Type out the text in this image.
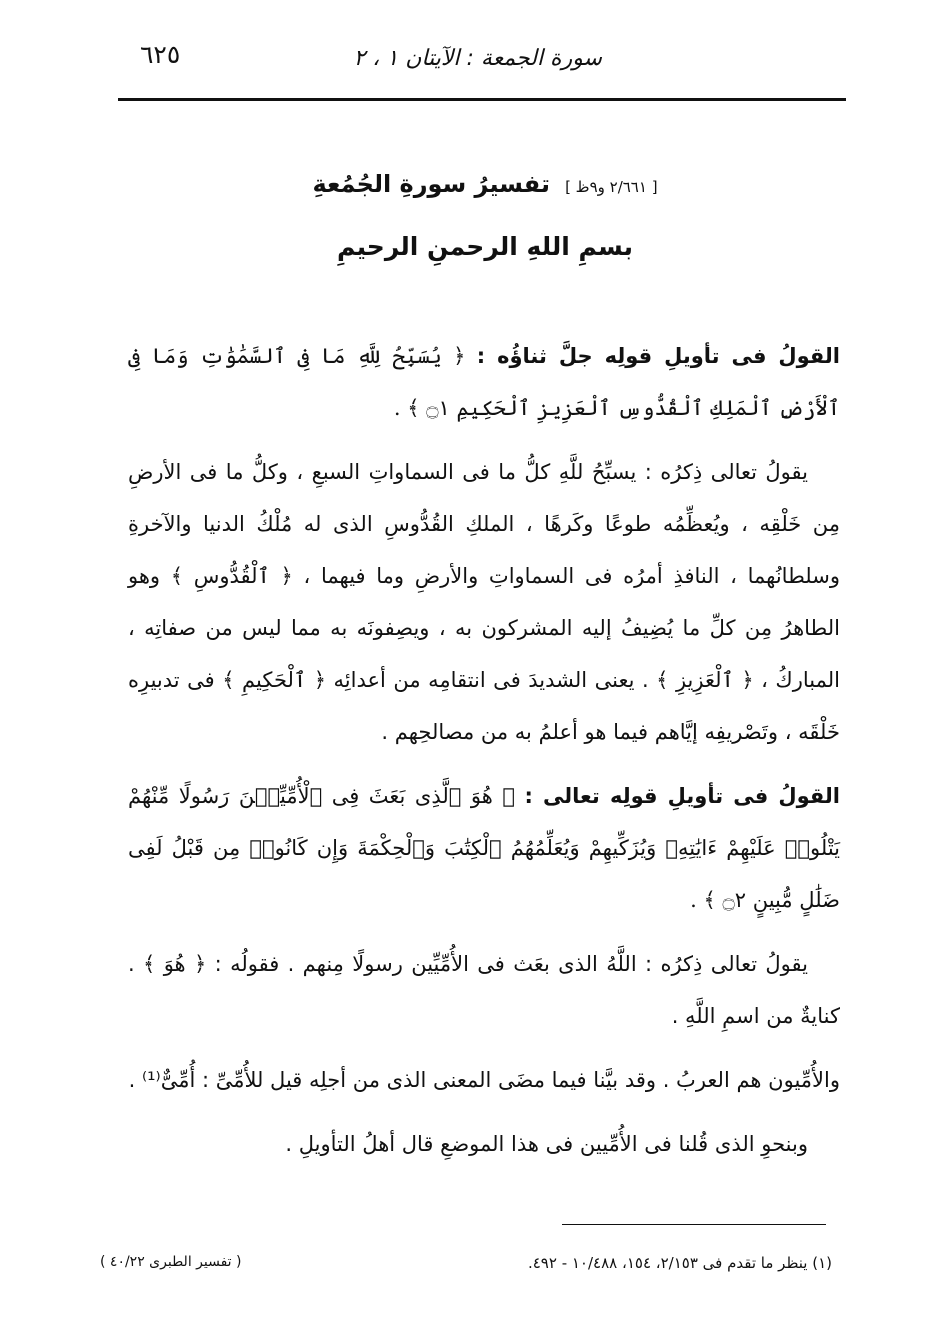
٦٢٥	سورة الجمعة : الآيتان ١ ، ٢
[ ٢/٦٦١ و٩ظ ] تفسيرُ سورةِ الجُمُعةِ
بسمِ اللهِ الرحمنِ الرحيمِ

القولُ فى تأويلِ قولِه جلَّ ثناؤُه : ﴿ يُسَبِّحُ لِلَّهِ مَا فِى ٱلسَّمَٰوَٰتِ وَمَا فِى ٱلْأَرْضِ ٱلْمَلِكِ ٱلْقُدُّوسِ ٱلْعَزِيزِ ٱلْحَكِيمِ ۝١ ﴾ .

يقولُ تعالى ذِكرُه : يسبِّحُ للَّهِ كلُّ ما فى السماواتِ السبعِ ، وكلُّ ما فى الأرضِ مِن خَلْقِه ، ويُعظِّمُه طوعًا وكَرهًا ، الملكِ القُدُّوسِ الذى له مُلْكُ الدنيا والآخرةِ وسلطانُهما ، النافذِ أمرُه فى السماواتِ والأرضِ وما فيهما ، ﴿ ٱلْقُدُّوسِ ﴾ وهو الطاهرُ مِن كلِّ ما يُضِيفُ إليه المشركون به ، ويصِفونَه به مما ليس من صفاتِه ، المباركُ ، ﴿ ٱلْعَزِيزِ ﴾ . يعنى الشديدَ فى انتقامِه من أعدائِه ﴿ ٱلْحَكِيمِ ﴾ فى تدبيرِه خَلْقَه ، وتَصْريفِه إيَّاهم فيما هو أعلمُ به من مصالحِهم .

القولُ فى تأويلِ قولِه تعالى : ﴿ هُوَ ٱلَّذِى بَعَثَ فِى ٱلْأُمِّيِّـۧنَ رَسُولًا مِّنْهُمْ يَتْلُوا۟ عَلَيْهِمْ ءَايَٰتِهِۦ وَيُزَكِّيهِمْ وَيُعَلِّمُهُمُ ٱلْكِتَٰبَ وَٱلْحِكْمَةَ وَإِن كَانُوا۟ مِن قَبْلُ لَفِى ضَلَٰلٍ مُّبِينٍ ۝٢ ﴾ .

يقولُ تعالى ذِكرُه : اللَّهُ الذى بعَث فى الأُمِّيِّين رسولًا مِنهم . فقولُه : ﴿ هُوَ ﴾ . كنايةٌ من اسمِ اللَّهِ .

والأُمِّيون هم العربُ . وقد بيَّنا فيما مضَى المعنى الذى من أجلِه قيل للأُمِّىِّ : أُمِّىٌّ⁽¹⁾ .

وبنحوِ الذى قُلنا فى الأُمِّيين فى هذا الموضعِ قال أهلُ التأويلِ .

(١) ينظر ما تقدم فى ٢/١٥٣، ١٥٤، ١٠/٤٨٨ - ٤٩٢.
( تفسير الطبرى ٤٠/٢٢ )
